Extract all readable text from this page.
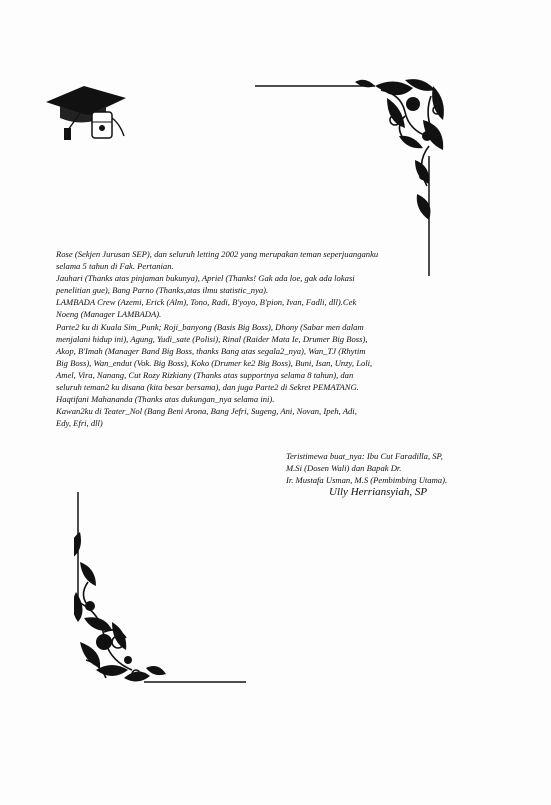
Rose (Sekjen Jurusan SEP), dan seluruh letting 2002 yang merupakan teman seperjuanganku

selama 5 tahun di Fak. Pertanian.

Jauhari (Thanks atas pinjaman bukunya), Apriel (Thanks! Gak ada loe, gak ada lokasi

penelitian gue), Bang Parno (Thanks,atas ilmu statistic_nya).

LAMBADA Crew (Azemi, Erick (Alm), Tono, Radi, B'yoyo, B'pion, Ivan, Fadli, dll).Cek

Noeng (Manager LAMBADA).

Parte2 ku di Kuala Sim_Punk; Roji_banyong (Basis Big Boss), Dhony (Sabar men dalam

menjalani hidup ini), Agung, Yudi_sate (Polisi), Rinal (Raider Mata Ie, Drumer Big Boss),

Akop, B'Imah (Manager Band Big Boss, thanks Bang atas segala2_nya), Wan_TJ (Rhytim

Big Boss), Wan_endut (Vok. Big Boss), Koko (Drumer ke2 Big Boss), Buni, Isan, Unzy, Loli,

Amel, Vira, Nanang, Cut Rozy Rizkiany (Thanks atas supportnya selama 8 tahun), dan

seluruh teman2 ku disana (kita besar bersama), dan juga Parte2 di Sekret PEMATANG.

Haqtifani Mahananda (Thanks atas dukungan_nya selama ini).

Kawan2ku di Teater_Nol (Bang Beni Arona, Bang Jefri, Sugeng, Ani, Novan, Ipeh, Adi,

Edy, Efri, dll)

Teristimewa buat_nya: Ibu Cut Faradilla, SP, M.Si (Dosen Wali) dan Bapak Dr.

Ir. Mustafa Usman, M.S (Pembimbing Utama).

Ully Herriansyiah, SP
